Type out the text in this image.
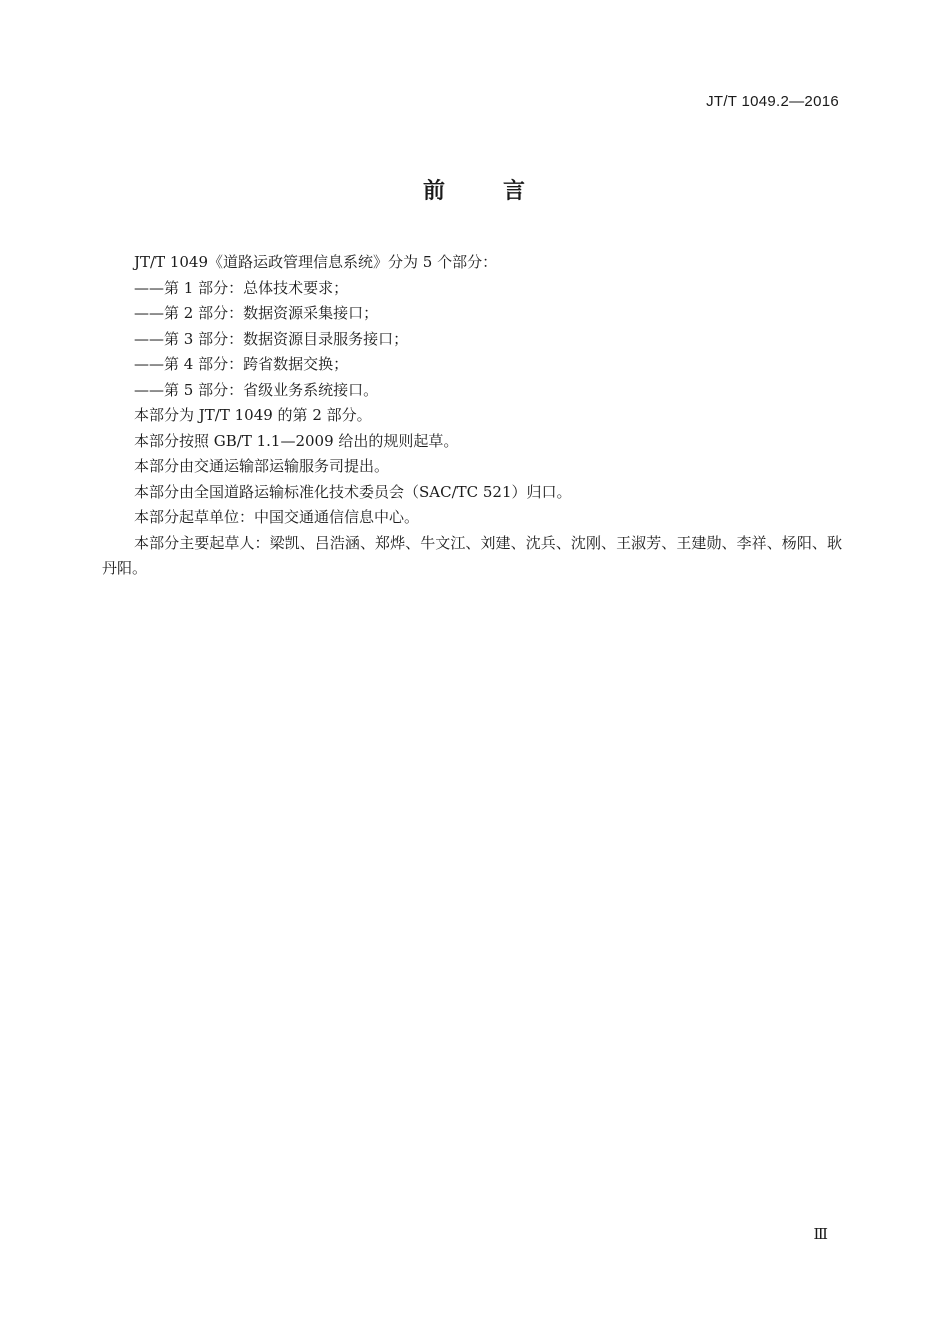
JT/T 1049.2—2016
前	言

JT/T 1049《道路运政管理信息系统》分为 5 个部分：

——第 1 部分：总体技术要求；

——第 2 部分：数据资源采集接口；

——第 3 部分：数据资源目录服务接口；

——第 4 部分：跨省数据交换；

——第 5 部分：省级业务系统接口。

本部分为 JT/T 1049 的第 2 部分。

本部分按照 GB/T 1.1—2009 给出的规则起草。

本部分由交通运输部运输服务司提出。

本部分由全国道路运输标准化技术委员会（SAC/TC 521）归口。

本部分起草单位：中国交通通信信息中心。

本部分主要起草人：梁凯、吕浩涵、郑烨、牛文江、刘建、沈兵、沈刚、王淑芳、王建勋、李祥、杨阳、耿丹阳。

Ⅲ
